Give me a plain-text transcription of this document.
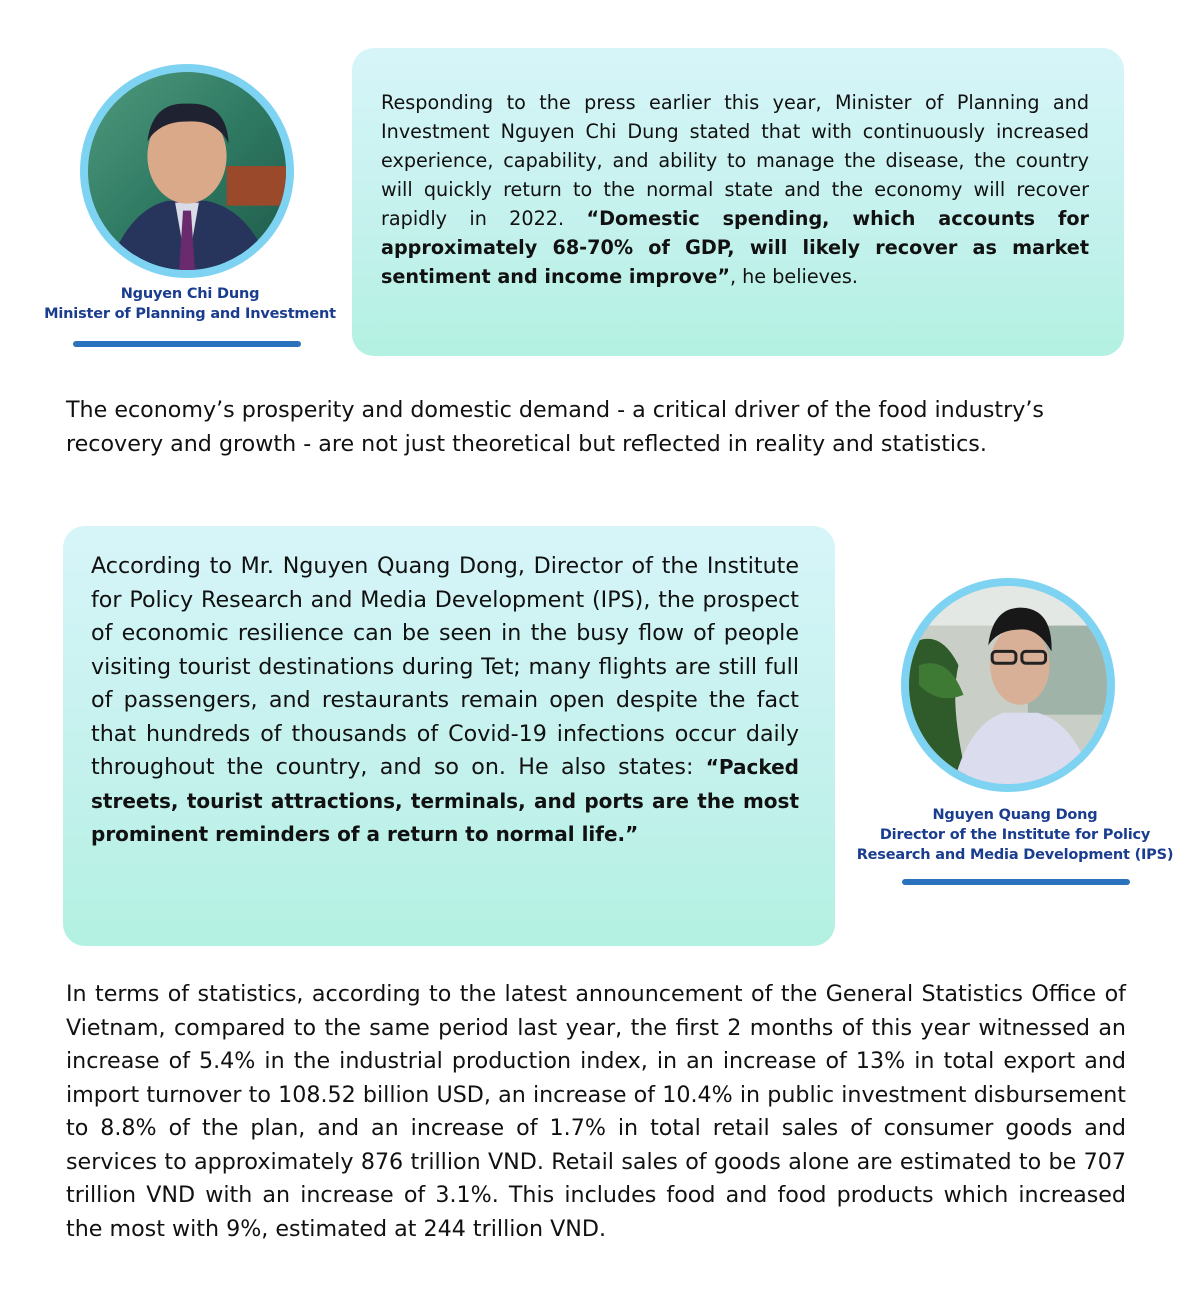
Nguyen Chi Dung
Minister of Planning and Investment

Responding to the press earlier this year, Minister of Planning and Investment Nguyen Chi Dung stated that with continuously increased experience, capability, and ability to manage the disease, the country will quickly return to the normal state and the economy will recover rapidly in 2022. “Domestic spending, which accounts for approximately 68-70% of GDP, will likely recover as market sentiment and income improve”, he believes.

The economy’s prosperity and domestic demand - a critical driver of the food industry’s recovery and growth - are not just theoretical but reflected in reality and statistics.

According to Mr. Nguyen Quang Dong, Director of the Institute for Policy Research and Media Development (IPS), the prospect of economic resilience can be seen in the busy flow of people visiting tourist destinations during Tet; many flights are still full of passengers, and restaurants remain open despite the fact that hundreds of thousands of Covid-19 infections occur daily throughout the country, and so on. He also states: “Packed streets, tourist attractions, terminals, and ports are the most prominent reminders of a return to normal life.”

Nguyen Quang Dong
Director of the Institute for Policy
Research and Media Development (IPS)

In terms of statistics, according to the latest announcement of the General Statistics Office of Vietnam, compared to the same period last year, the first 2 months of this year witnessed an increase of 5.4% in the industrial production index, in an increase of 13% in total export and import turnover to 108.52 billion USD, an increase of 10.4% in public investment disbursement to 8.8% of the plan, and an increase of 1.7% in total retail sales of consumer goods and services to approximately 876 trillion VND. Retail sales of goods alone are estimated to be 707 trillion VND with an increase of 3.1%. This includes food and food products which increased the most with 9%, estimated at 244 trillion VND.
